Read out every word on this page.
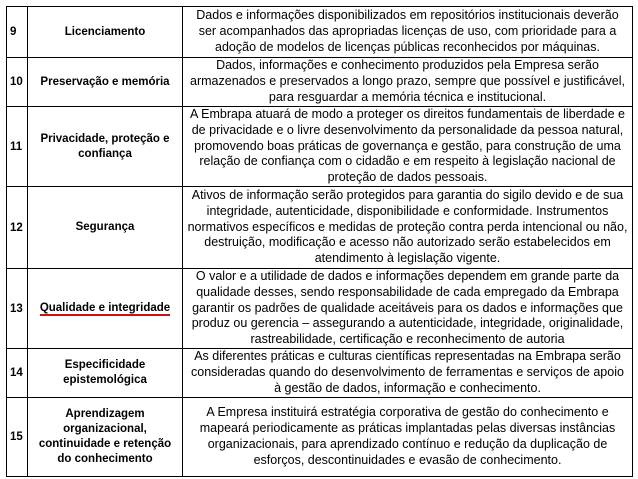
9	Licenciamento	Dados e informações disponibilizados em repositórios institucionais deverão ser acompanhados das apropriadas licenças de uso, com prioridade para a adoção de modelos de licenças públicas reconhecidos por máquinas.
10	Preservação e memória	Dados, informações e conhecimento produzidos pela Empresa serão armazenados e preservados a longo prazo, sempre que possível e justificável, para resguardar a memória técnica e institucional.
11	Privacidade, proteção e confiança	A Embrapa atuará de modo a proteger os direitos fundamentais de liberdade e de privacidade e o livre desenvolvimento da personalidade da pessoa natural, promovendo boas práticas de governança e gestão, para construção de uma relação de confiança com o cidadão e em respeito à legislação nacional de proteção de dados pessoais.
12	Segurança	Ativos de informação serão protegidos para garantia do sigilo devido e de sua integridade, autenticidade, disponibilidade e conformidade. Instrumentos normativos específicos e medidas de proteção contra perda intencional ou não, destruição, modificação e acesso não autorizado serão estabelecidos em atendimento à legislação vigente.
13	Qualidade e integridade	O valor e a utilidade de dados e informações dependem em grande parte da qualidade desses, sendo responsabilidade de cada empregado da Embrapa garantir os padrões de qualidade aceitáveis para os dados e informações que produz ou gerencia – assegurando a autenticidade, integridade, originalidade, rastreabilidade, certificação e reconhecimento de autoria
14	Especificidade epistemológica	As diferentes práticas e culturas científicas representadas na Embrapa serão consideradas quando do desenvolvimento de ferramentas e serviços de apoio à gestão de dados, informação e conhecimento.
15	Aprendizagem organizacional, continuidade e retenção do conhecimento	A Empresa instituirá estratégia corporativa de gestão do conhecimento e mapeará periodicamente as práticas implantadas pelas diversas instâncias organizacionais, para aprendizado contínuo e redução da duplicação de esforços, descontinuidades e evasão de conhecimento.
